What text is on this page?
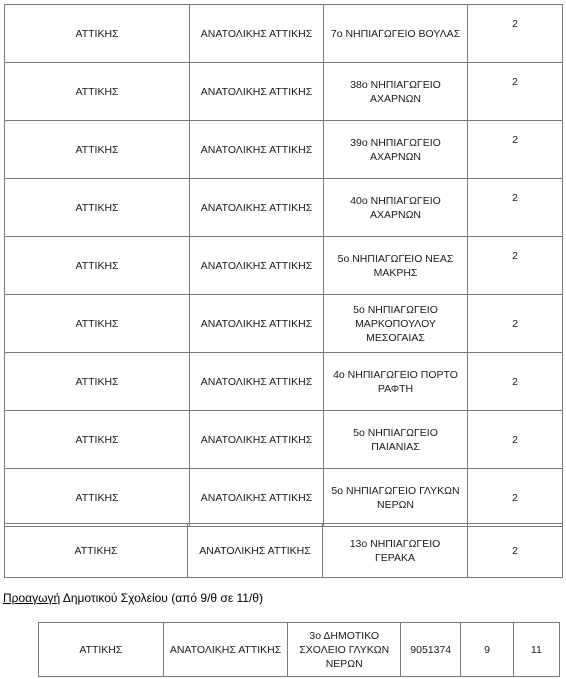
ΑΤΤΙΚΗΣ	ΑΝΑΤΟΛΙΚΗΣ ΑΤΤΙΚΗΣ	7ο ΝΗΠΙΑΓΩΓΕΙΟ ΒΟΥΛΑΣ	2
ΑΤΤΙΚΗΣ	ΑΝΑΤΟΛΙΚΗΣ ΑΤΤΙΚΗΣ	38ο ΝΗΠΙΑΓΩΓΕΙΟ ΑΧΑΡΝΩΝ	2
ΑΤΤΙΚΗΣ	ΑΝΑΤΟΛΙΚΗΣ ΑΤΤΙΚΗΣ	39ο ΝΗΠΙΑΓΩΓΕΙΟ ΑΧΑΡΝΩΝ	2
ΑΤΤΙΚΗΣ	ΑΝΑΤΟΛΙΚΗΣ ΑΤΤΙΚΗΣ	40ο ΝΗΠΙΑΓΩΓΕΙΟ ΑΧΑΡΝΩΝ	2
ΑΤΤΙΚΗΣ	ΑΝΑΤΟΛΙΚΗΣ ΑΤΤΙΚΗΣ	5ο ΝΗΠΙΑΓΩΓΕΙΟ ΝΕΑΣ ΜΑΚΡΗΣ	2
ΑΤΤΙΚΗΣ	ΑΝΑΤΟΛΙΚΗΣ ΑΤΤΙΚΗΣ	5ο ΝΗΠΙΑΓΩΓΕΙΟ ΜΑΡΚΟΠΟΥΛΟΥ ΜΕΣΟΓΑΙΑΣ	2
ΑΤΤΙΚΗΣ	ΑΝΑΤΟΛΙΚΗΣ ΑΤΤΙΚΗΣ	4ο ΝΗΠΙΑΓΩΓΕΙΟ ΠΟΡΤΟ ΡΑΦΤΗ	2
ΑΤΤΙΚΗΣ	ΑΝΑΤΟΛΙΚΗΣ ΑΤΤΙΚΗΣ	5ο ΝΗΠΙΑΓΩΓΕΙΟ ΠΑΙΑΝΙΑΣ	2
ΑΤΤΙΚΗΣ	ΑΝΑΤΟΛΙΚΗΣ ΑΤΤΙΚΗΣ	5ο ΝΗΠΙΑΓΩΓΕΙΟ ΓΛΥΚΩΝ ΝΕΡΩΝ	2
ΑΤΤΙΚΗΣ	ΑΝΑΤΟΛΙΚΗΣ ΑΤΤΙΚΗΣ	13ο ΝΗΠΙΑΓΩΓΕΙΟ ΓΕΡΑΚΑ	2
Προαγωγή Δημοτικού Σχολείου (από 9/θ σε 11/θ)
ΑΤΤΙΚΗΣ	ΑΝΑΤΟΛΙΚΗΣ ΑΤΤΙΚΗΣ	3ο ΔΗΜΟΤΙΚΟ ΣΧΟΛΕΙΟ ΓΛΥΚΩΝ ΝΕΡΩΝ	9051374	9	11
